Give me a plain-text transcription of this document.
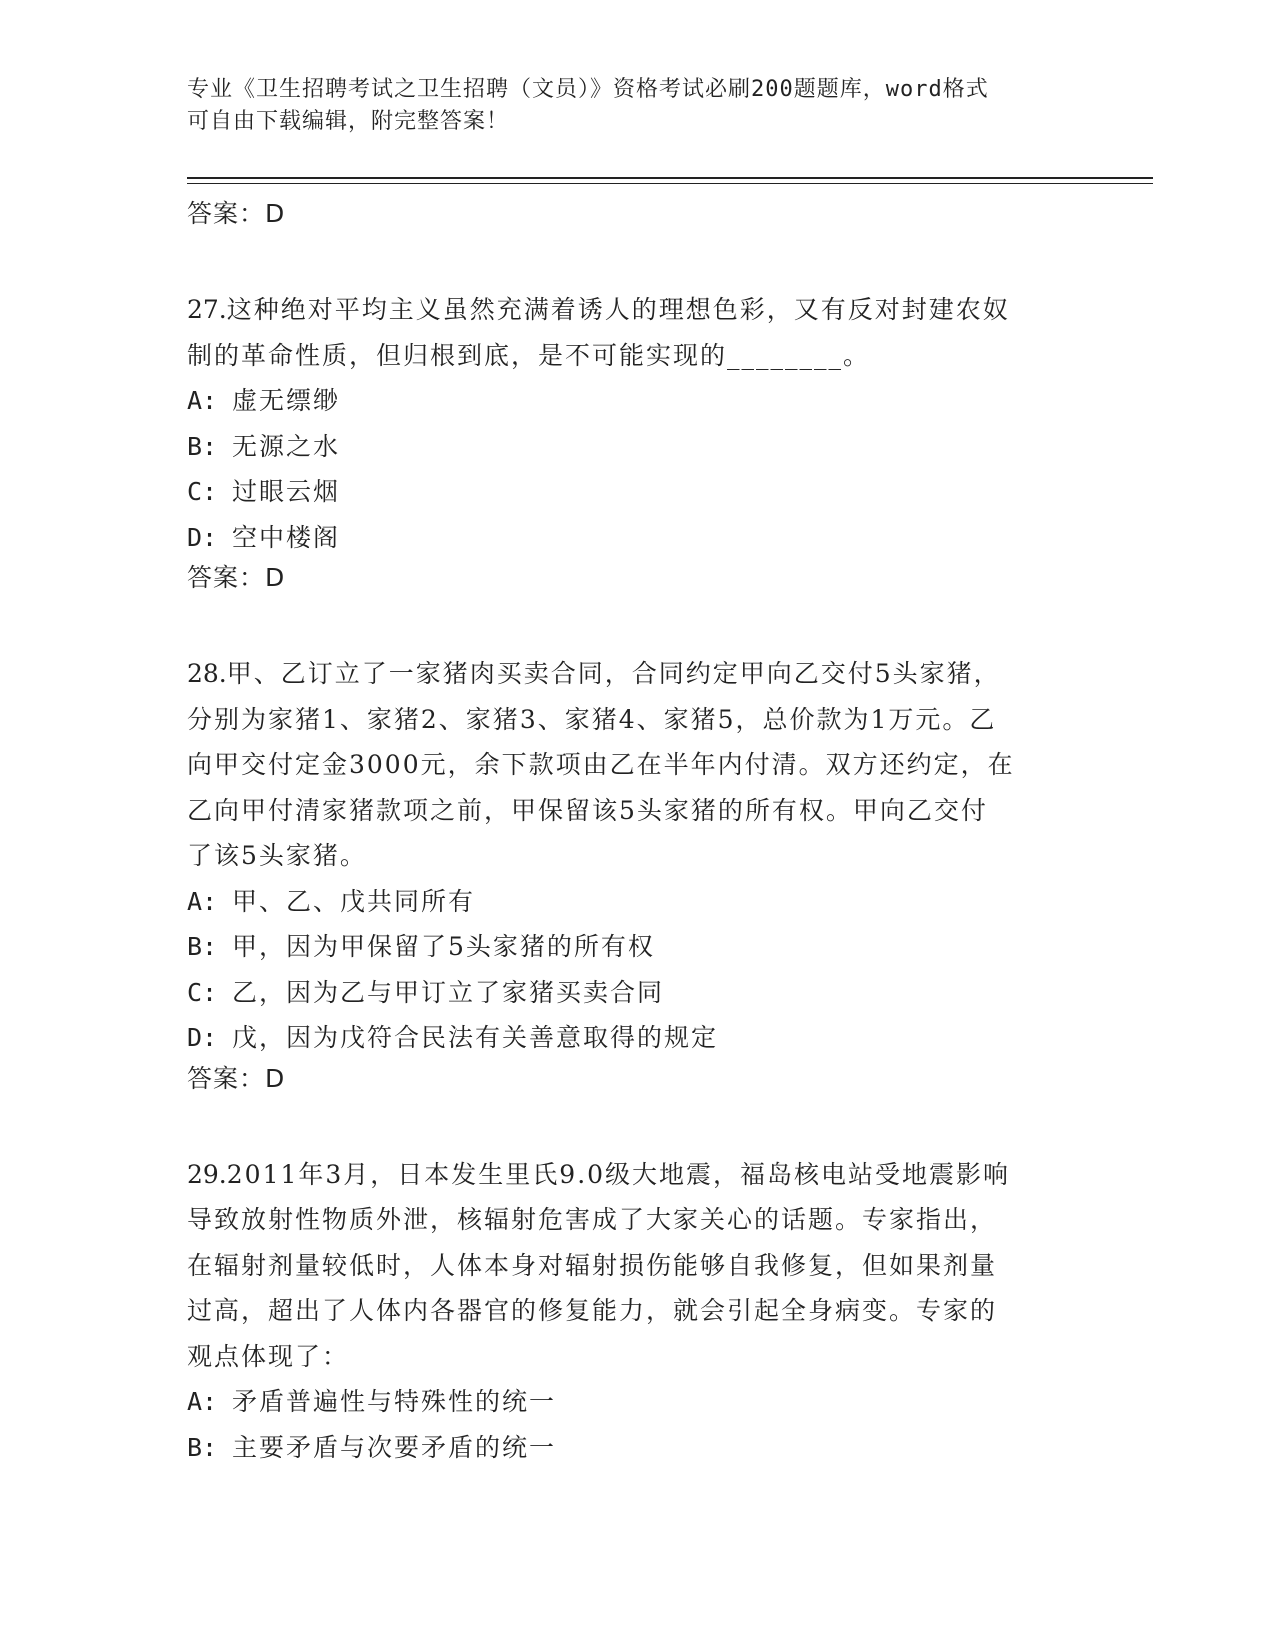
专业《卫生招聘考试之卫生招聘（文员）》资格考试必刷200题题库，word格式
可自由下载编辑，附完整答案！
答案：D
27.这种绝对平均主义虽然充满着诱人的理想色彩，又有反对封建农奴
制的革命性质，但归根到底，是不可能实现的________。
A: 虚无缥缈
B: 无源之水
C: 过眼云烟
D: 空中楼阁
答案：D
28.甲、乙订立了一家猪肉买卖合同，合同约定甲向乙交付5头家猪，
分别为家猪1、家猪2、家猪3、家猪4、家猪5，总价款为1万元。乙
向甲交付定金3000元，余下款项由乙在半年内付清。双方还约定，在
乙向甲付清家猪款项之前，甲保留该5头家猪的所有权。甲向乙交付
了该5头家猪。
A: 甲、乙、戊共同所有
B: 甲，因为甲保留了5头家猪的所有权
C: 乙，因为乙与甲订立了家猪买卖合同
D: 戊，因为戊符合民法有关善意取得的规定
答案：D
29.2011年3月，日本发生里氏9.0级大地震，福岛核电站受地震影响
导致放射性物质外泄，核辐射危害成了大家关心的话题。专家指出，
在辐射剂量较低时，人体本身对辐射损伤能够自我修复，但如果剂量
过高，超出了人体内各器官的修复能力，就会引起全身病变。专家的
观点体现了：
A: 矛盾普遍性与特殊性的统一
B: 主要矛盾与次要矛盾的统一
